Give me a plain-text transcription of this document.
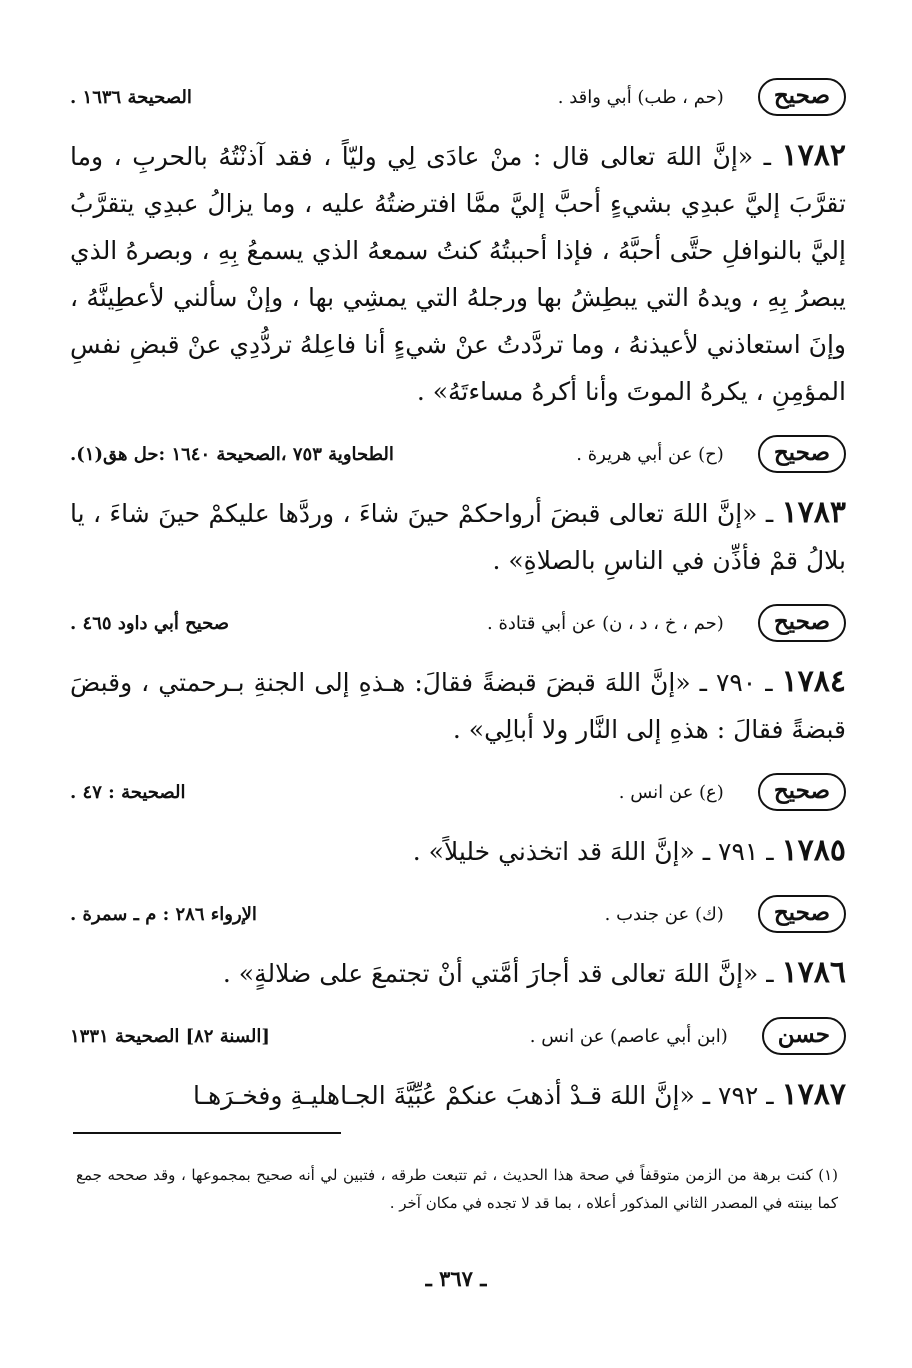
صحيح
(حم ، طب) أبي واقد .
الصحيحة ١٦٣٦ .

١٧٨٢ ـ «إنَّ اللهَ تعالى قال : منْ عادَى لِي وليّاً ، فقد آذنْتُهُ بالحربِ ، وما تقرَّبَ إليَّ عبدِي بشيءٍ أحبَّ إليَّ ممَّا افترضتُهُ عليه ، وما يزالُ عبدِي يتقرَّبُ إليَّ بالنوافلِ حتَّى أحبَّهُ ، فإذا أحببتُهُ كنتُ سمعهُ الذي يسمعُ بِهِ ، وبصرهُ الذي يبصرُ بِهِ ، ويدهُ التي يبطِشُ بها ورجلهُ التي يمشِي بها ، وإنْ سألني لأعطِينَّهُ ، وإنَ استعاذني لأعيذنهُ ، وما تردَّدتُ عنْ شيءٍ أنا فاعِلهُ تردُّدِي عنْ قبضِ نفسِ المؤمِنِ ، يكرهُ الموتَ وأنا أكرهُ مساءتَهُ» .

صحيح
(ح) عن أبي هريرة .
الطحاوية ٧٥٣ ،الصحيحة ١٦٤٠ :حل هق(١).

١٧٨٣ ـ «إنَّ اللهَ تعالى قبضَ أرواحكمْ حينَ شاءَ ، وردَّها عليكمْ حينَ شاءَ ، يا بلالُ قمْ فأذِّن في الناسِ بالصلاةِ» .

صحيح
(حم ، خ ، د ، ن) عن أبي قتادة .
صحيح أبي داود ٤٦٥ .

١٧٨٤ ـ ٧٩٠ ـ «إنَّ اللهَ قبضَ قبضةً فقالَ: هـذهِ إلى الجنةِ بـرحمتي ، وقبضَ قبضةً فقالَ : هذهِ إلى النَّار ولا أبالِي» .

صحيح
(ع) عن انس .
الصحيحة : ٤٧ .

١٧٨٥ ـ ٧٩١ ـ «إنَّ اللهَ قد اتخذني خليلاً» .

صحيح
(ك) عن جندب .
الإرواء ٢٨٦ : م ـ سمرة .

١٧٨٦ ـ «إنَّ اللهَ تعالى قد أجارَ أمَّتي أنْ تجتمعَ على ضلالةٍ» .

حسن
(ابن أبي عاصم) عن انس .
[السنة ٨٢] الصحيحة ١٣٣١

١٧٨٧ ـ ٧٩٢ ـ «إنَّ اللهَ قـدْ أذهبَ عنكمْ عُبِّيَّةَ الجـاهليـةِ وفخـرَهـا

(١) كنت برهة من الزمن متوقفاً في صحة هذا الحديث ، ثم تتبعت طرقه ، فتبين لي أنه صحيح بمجموعها ، وقد صححه جمع كما بينته في المصدر الثاني المذكور أعلاه ، بما قد لا تجده في مكان آخر .

ـ ٣٦٧ ـ
